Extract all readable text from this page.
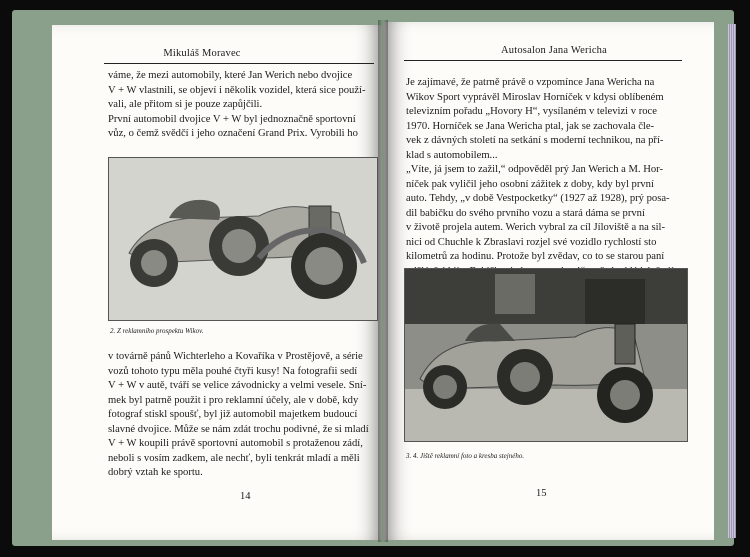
Mikuláš Moravec

váme, že mezi automobily, které Jan Werich nebo dvojice

V + W vlastnili, se objeví i několik vozidel, která sice použí-

vali, ale přitom si je pouze zapůjčili.

První automobil dvojice V + W byl jednoznačně sportovní

vůz, o čemž svědčí i jeho označení Grand Prix. Vyrobili ho

2. Z reklamního prospektu Wikov.

v továrně pánů Wichterleho a Kovaříka v Prostějově, a série

vozů tohoto typu měla pouhé čtyři kusy! Na fotografii sedí

V + W v autě, tváří se velice závodnicky a velmi vesele. Sní-

mek byl patrně použit i pro reklamní účely, ale v době, kdy

fotograf stiskl spoušť, byl již automobil majetkem budoucí

slavné dvojice. Může se nám zdát trochu podivné, že si mladí

V + W koupili právě sportovní automobil s protaženou zádí,

neboli s vosím zadkem, ale nechť, byli tenkrát mladí a měli

dobrý vztah ke sportu.

14
Autosalon Jana Wericha

Je zajímavé, že patrně právě o vzpomínce Jana Wericha na

Wikov Sport vyprávěl Miroslav Horníček v kdysi oblíbeném

televizním pořadu „Hovory H“, vysílaném v televizi v roce

1970. Horníček se Jana Wericha ptal, jak se zachovala čle-

vek z dávných století na setkání s moderní technikou, na pří-

klad s automobilem...

„Víte, já jsem to zažil,“ odpověděl prý Jan Werich a M. Hor-

níček pak vyličil jeho osobní zážitek z doby, kdy byl první

auto. Tehdy, „v době Vestpocketky“ (1927 až 1928), prý posa-

dil babičku do svého prvního vozu a stará dáma se první

v životě projela autem. Werich vybral za cíl Jíloviště a na sil-

nici od Chuchle k Zbraslavi rozjel své vozidlo rychlostí sto

kilometrů za hodinu. Protože byl zvědav, co to se starou paní

3. 4. Jiště reklamní foto a kresba stejného.
15
